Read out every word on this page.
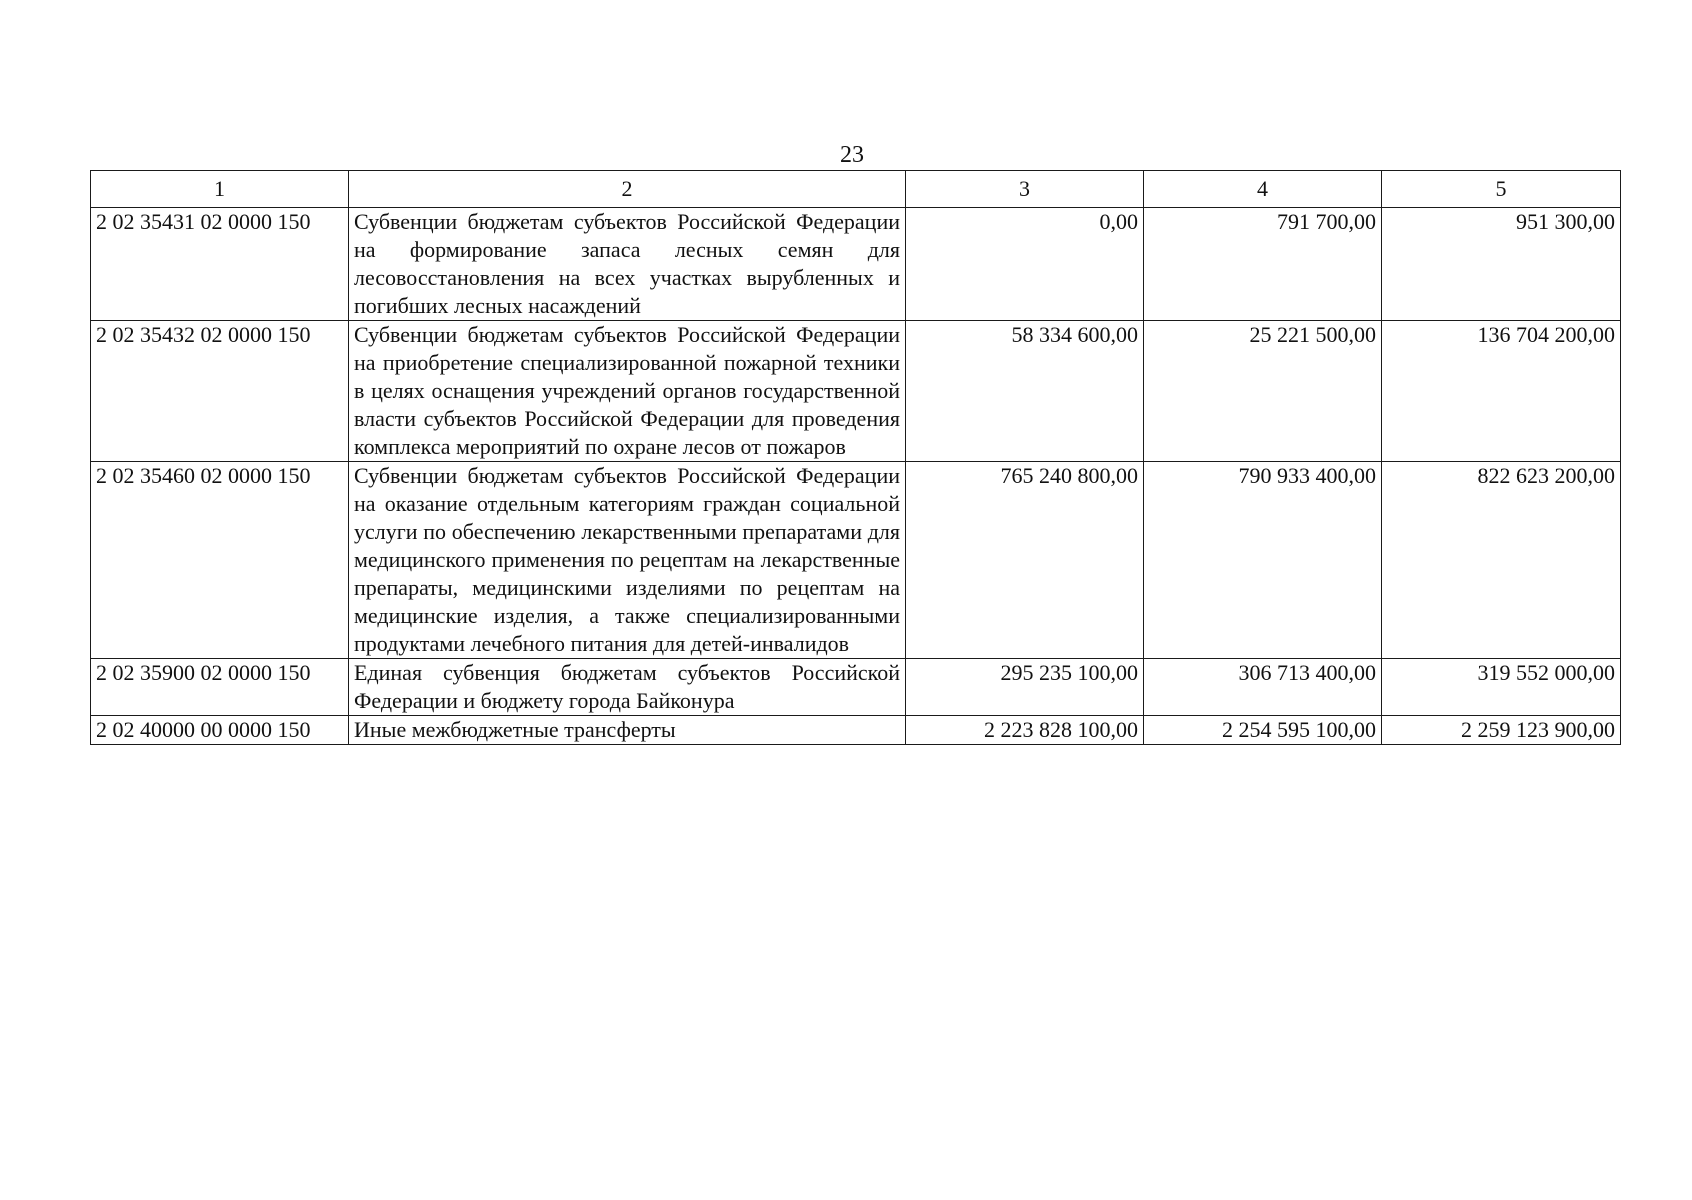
23
1	2	3	4	5
2 02 35431 02 0000 150	Субвенции бюджетам субъектов Российской Федерации на формирование запаса лесных семян для лесовосстановления на всех участках вырубленных и погибших лесных насаждений	0,00	791 700,00	951 300,00
2 02 35432 02 0000 150	Субвенции бюджетам субъектов Российской Федерации на приобретение специализированной пожарной техники в целях оснащения учреждений органов государственной власти субъектов Российской Федерации для проведения комплекса мероприятий по охране лесов от пожаров	58 334 600,00	25 221 500,00	136 704 200,00
2 02 35460 02 0000 150	Субвенции бюджетам субъектов Российской Федерации на оказание отдельным категориям граждан социальной услуги по обеспечению лекарственными препаратами для медицинского применения по рецептам на лекарственные препараты, медицинскими изделиями по рецептам на медицинские изделия, а также специализированными продуктами лечебного питания для детей-инвалидов	765 240 800,00	790 933 400,00	822 623 200,00
2 02 35900 02 0000 150	Единая субвенция бюджетам субъектов Российской Федерации и бюджету города Байконура	295 235 100,00	306 713 400,00	319 552 000,00
2 02 40000 00 0000 150	Иные межбюджетные трансферты	2 223 828 100,00	2 254 595 100,00	2 259 123 900,00
